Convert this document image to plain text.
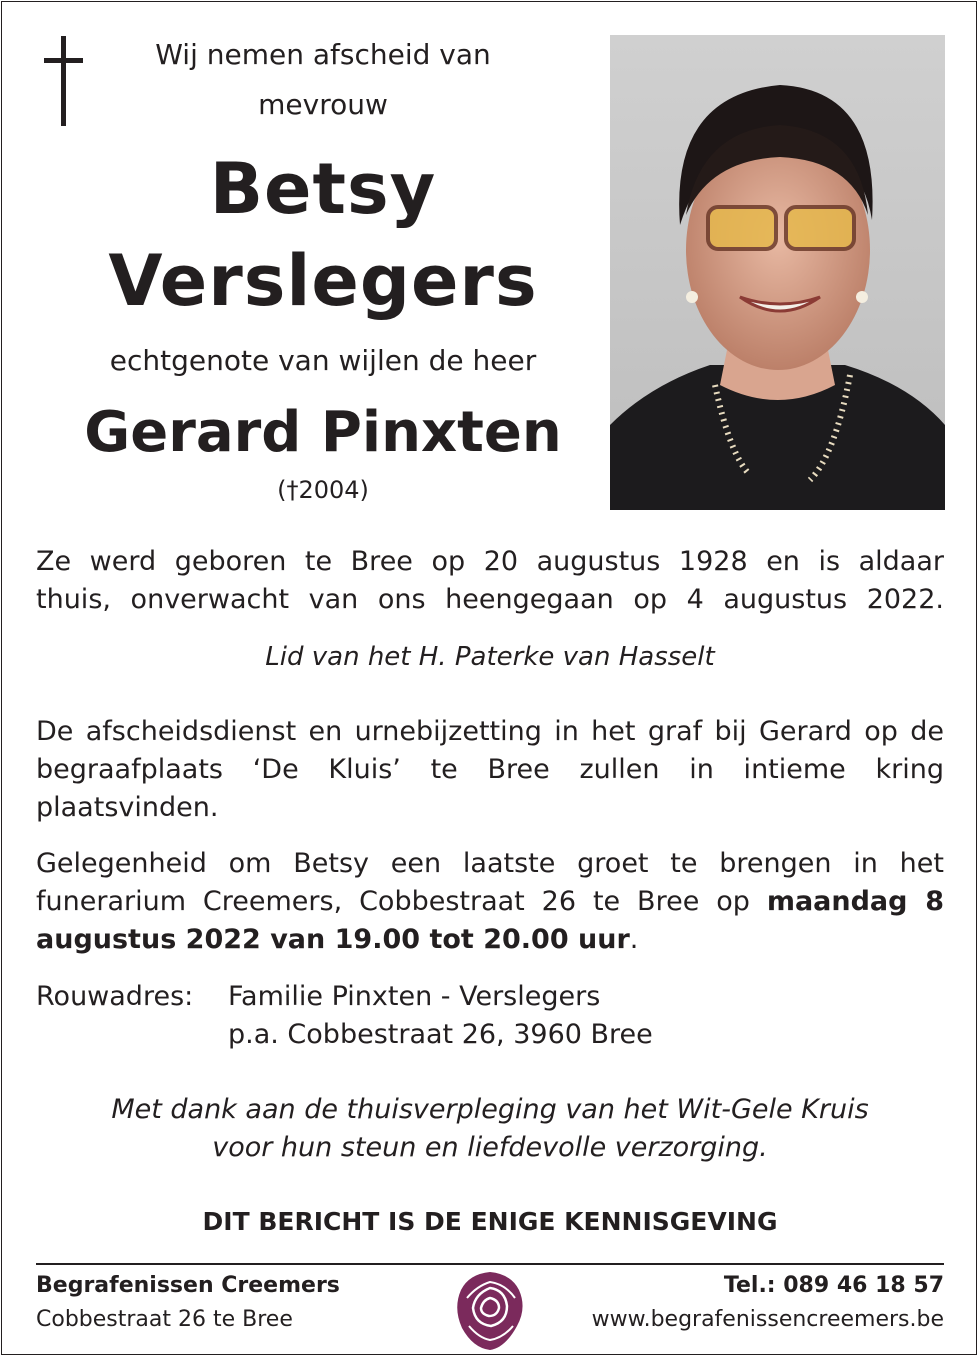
Wij nemen afscheid van
mevrouw
Betsy
Verslegers
echtgenote van wijlen de heer
Gerard Pinxten
(†2004)
Ze werd geboren te Bree op 20 augustus 1928 en is aldaar
thuis, onverwacht van ons heengegaan op 4 augustus 2022.
Lid van het H. Paterke van Hasselt
De afscheidsdienst en urnebijzetting in het graf bij Gerard op de begraafplaats ‘De Kluis’ te Bree zullen in intieme kring plaatsvinden.
Gelegenheid om Betsy een laatste groet te brengen in het funerarium Creemers, Cobbestraat 26 te Bree op maandag 8 augustus 2022 van 19.00 tot 20.00 uur.
Rouwadres: Familie Pinxten - Verslegers
p.a. Cobbestraat 26, 3960 Bree
Met dank aan de thuisverpleging van het Wit-Gele Kruis
voor hun steun en liefdevolle verzorging.
DIT BERICHT IS DE ENIGE KENNISGEVING
Begrafenissen Creemers
Cobbestraat 26 te Bree
Tel.: 089 46 18 57
www.begrafenissencreemers.be
